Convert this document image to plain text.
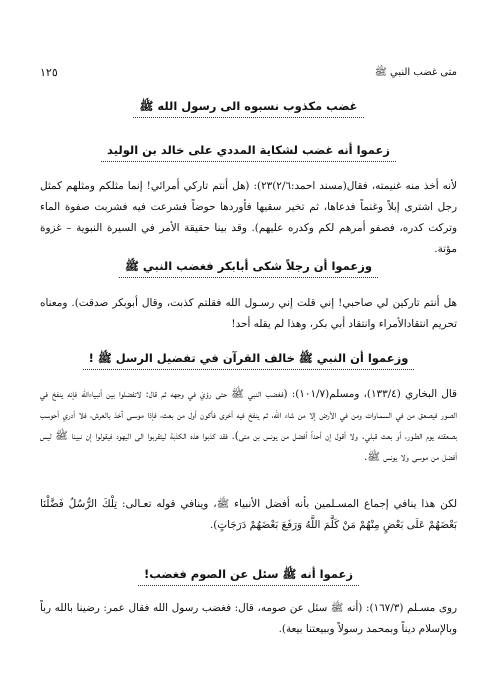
١٢٥	متى غضب النبي ﷺ
غضب مكذوب نسبوه الى رسول الله ﷺ
زعموا أنه غضب لشكاية المددي على خالد بن الوليد
لأنه أخذ منه غنيمته، فقال(مسند احمد:٢/٦)٢٣): (هل أنتم تاركي أمرائي! إنما مثلكم ومثلهم كمثل رجل اشترى إبلاً وغنماً فدعاها، ثم تخير سقيها فأوردها حوضاً فشرعت فيه فشربت صفوة الماء وتركت كدره، فصفو أمرهم لكم وكدره عليهم). وقد بينا حقيقة الأمر في السيرة النبوية – غزوة مؤتة.
وزعموا أن رجلاً شكى أبابكر فغضب النبي ﷺ
هل أنتم تاركين لي صاحبي! إني قلت إني رسـول الله فقلتم كذبت، وقال أبوبكر صدقت). ومعناه تحريم انتقادالأمراء وانتقاد أبي بكر، وهذا لم يقله أحد!
وزعموا أن النبي ﷺ خالف القرآن في تفضيل الرسل ﷺ !
قال البخاري (١٣٣/٤)، ومسلم(١٠١/٧): (فغضب النبي ﷺ حتى رؤيَ في وجهه ثم قال: لاتفضلوا بين أنبياءالله فإنه ينفخ في الصور فيصعق من في السمـاوات ومن في الأرض إلا من شاء الله، ثم ينفخ فيه أخرى فأكون أول من بعث، فإذا موسـى آخذ بالعرش، فلا أدري أحوسب بصعقته يوم الطـور، أو بعث قبلي. ولا أقول إن أحداً أفضل من يونس بن متى). فقد كذبوا هذه الكذبة ليتقربوا الى اليهود فيقولوا إن نبينا ﷺ ليس أفضل من موسى ولا يونس ﷺ.
لكن هذا ينافي إجماع المسـلمين بأنه أفضل الأنبياء ﷺ، وينافي قوله تعـالى: تِلْكَ الرُّسُلُ فَضَّلْنَا بَعْضَهُمْ عَلَى بَعْضٍ مِنْهُمْ مَنْ كَلَّمَ اللَّهُ وَرَفَعَ بَعْضَهُمْ دَرَجَاتٍ).
زعموا أنه ﷺ سئل عن الصوم فغضب!
روى مسـلم (١٦٧/٣): (أنه ﷺ سئل عن صومه، قال: فغضب رسول الله فقال عمر: رضينا بالله رباً وبالإسلام ديناً وبمحمد رسولاً وببيعتنا بيعة).
